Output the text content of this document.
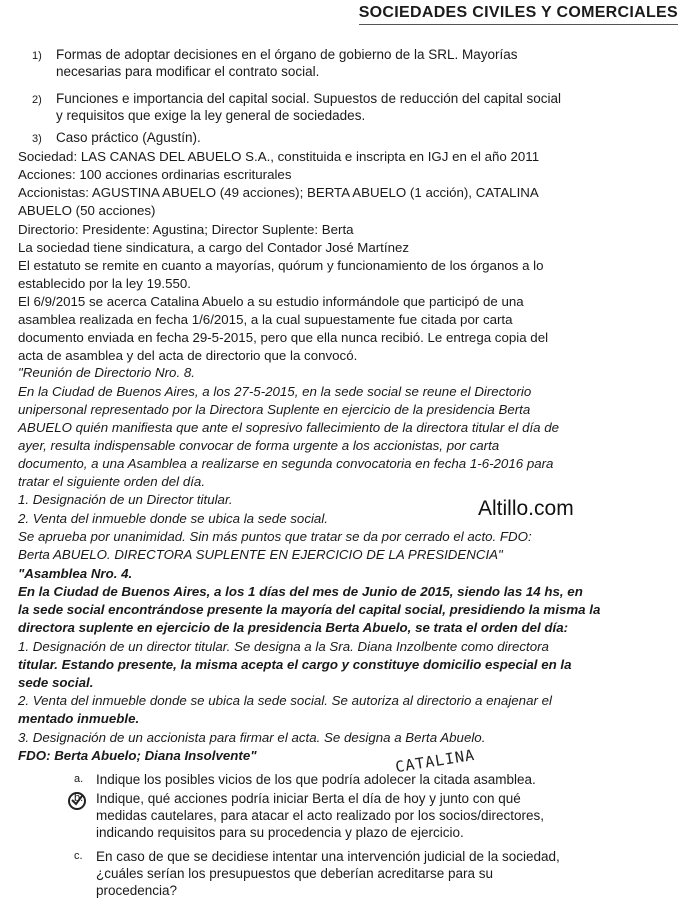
SOCIEDADES CIVILES Y COMERCIALES
1)	Formas de adoptar decisiones en el órgano de gobierno de la SRL. Mayorías
necesarias para modificar el contrato social.
2)	Funciones e importancia del capital social. Supuestos de reducción del capital social
y requisitos que exige la ley general de sociedades.
3)	Caso práctico (Agustín).
Sociedad: LAS CANAS DEL ABUELO S.A., constituida e inscripta en IGJ en el año 2011
Acciones: 100 acciones ordinarias escriturales
Accionistas: AGUSTINA ABUELO (49 acciones); BERTA ABUELO (1 acción), CATALINA
ABUELO (50 acciones)
Directorio: Presidente: Agustina; Director Suplente: Berta
La sociedad tiene sindicatura, a cargo del Contador José Martínez
El estatuto se remite en cuanto a mayorías, quórum y funcionamiento de los órganos a lo
establecido por la ley 19.550.
El 6/9/2015 se acerca Catalina Abuelo a su estudio informándole que participó de una
asamblea realizada en fecha 1/6/2015, a la cual supuestamente fue citada por carta
documento enviada en fecha 29-5-2015, pero que ella nunca recibió. Le entrega copia del
acta de asamblea y del acta de directorio que la convocó.
"Reunión de Directorio Nro. 8.
En la Ciudad de Buenos Aires, a los 27-5-2015, en la sede social se reune el Directorio
unipersonal representado por la Directora Suplente en ejercicio de la presidencia Berta
ABUELO quién manifiesta que ante el sopresivo fallecimiento de la directora titular el día de
ayer, resulta indispensable convocar de forma urgente a los accionistas, por carta
documento, a una Asamblea a realizarse en segunda convocatoria en fecha 1-6-2016 para
tratar el siguiente orden del día.
1. Designación de un Director titular.
2. Venta del inmueble donde se ubica la sede social.
Se aprueba por unanimidad. Sin más puntos que tratar se da por cerrado el acto. FDO:
Berta ABUELO. DIRECTORA SUPLENTE EN EJERCICIO DE LA PRESIDENCIA"
"Asamblea Nro. 4.
En la Ciudad de Buenos Aires, a los 1 días del mes de Junio de 2015, siendo las 14 hs, en
la sede social encontrándose presente la mayoría del capital social, presidiendo la misma la
directora suplente en ejercicio de la presidencia Berta Abuelo, se trata el orden del día:
1. Designación de un director titular. Se designa a la Sra. Diana Inzolbente como directora
titular. Estando presente, la misma acepta el cargo y constituye domicilio especial en la
sede social.
2. Venta del inmueble donde se ubica la sede social. Se autoriza al directorio a enajenar el
mentado inmueble.
3. Designación de un accionista para firmar el acta. Se designa a Berta Abuelo.
FDO: Berta Abuelo; Diana Insolvente"
Altillo.com
CATALINA
a. Indique los posibles vicios de los que podría adolecer la citada asamblea.
b. Indique, qué acciones podría iniciar Berta el día de hoy y junto con qué
medidas cautelares, para atacar el acto realizado por los socios/directores,
indicando requisitos para su procedencia y plazo de ejercicio.
c. En caso de que se decidiese intentar una intervención judicial de la sociedad,
¿cuáles serían los presupuestos que deberían acreditarse para su
procedencia?
